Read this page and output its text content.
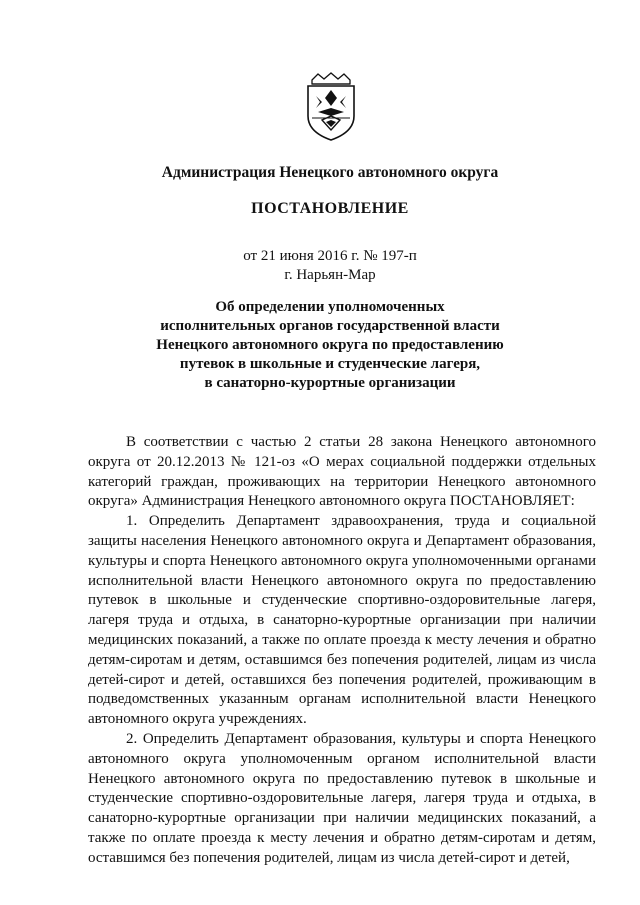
Администрация Ненецкого автономного округа
ПОСТАНОВЛЕНИЕ
от 21 июня 2016 г. № 197-п
г. Нарьян-Мар
Об определении уполномоченных
исполнительных органов государственной власти
Ненецкого автономного округа по предоставлению
путевок в школьные и студенческие лагеря,
в санаторно-курортные организации

В соответствии с частью 2 статьи 28 закона Ненецкого автономного округа от 20.12.2013 № 121-оз «О мерах социальной поддержки отдельных категорий граждан, проживающих на территории Ненецкого автономного округа» Администрация Ненецкого автономного округа ПОСТАНОВЛЯЕТ:

1. Определить Департамент здравоохранения, труда и социальной защиты населения Ненецкого автономного округа и Департамент образования, культуры и спорта Ненецкого автономного округа уполномоченными органами исполнительной власти Ненецкого автономного округа по предоставлению путевок в школьные и студенческие спортивно-оздоровительные лагеря, лагеря труда и отдыха, в санаторно-курортные организации при наличии медицинских показаний, а также по оплате проезда к месту лечения и обратно детям-сиротам и детям, оставшимся без попечения родителей, лицам из числа детей-сирот и детей, оставшихся без попечения родителей, проживающим в подведомственных указанным органам исполнительной власти Ненецкого автономного округа учреждениях.

2. Определить Департамент образования, культуры и спорта Ненецкого автономного округа уполномоченным органом исполнительной власти Ненецкого автономного округа по предоставлению путевок в школьные и студенческие спортивно-оздоровительные лагеря, лагеря труда и отдыха, в санаторно-курортные организации при наличии медицинских показаний, а также по оплате проезда к месту лечения и обратно детям-сиротам и детям, оставшимся без попечения родителей, лицам из числа детей-сирот и детей,
